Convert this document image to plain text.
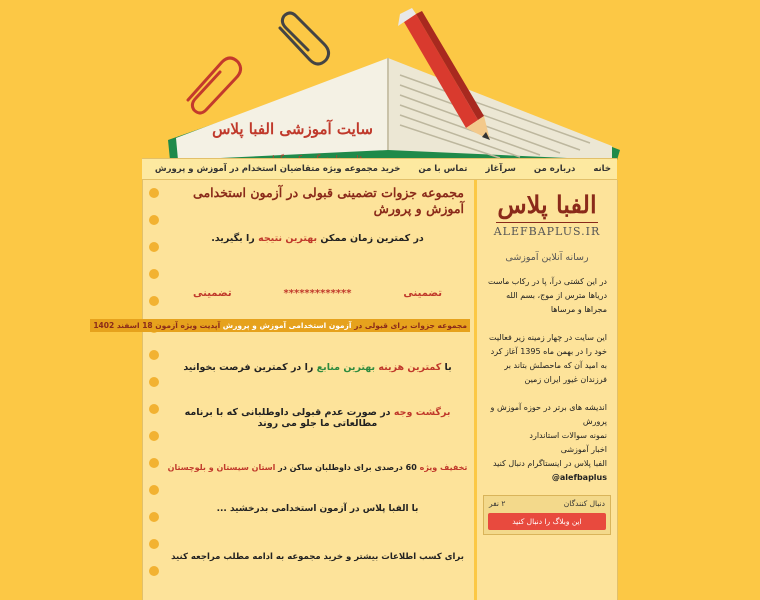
سایت آموزشی الفبا پلاس
خانه
درباره من
سرآغاز
تماس با من
خرید مجموعه ویژه متقاضیان استخدام در آموزش و پرورش
مجموعه جزوات تضمینی قبولی در آزمون استخدامی آموزش و پرورش
در کمترین زمان ممکن بهترین نتیجه را بگیرید.
تضمینی
*************
تضمینی
مجموعه جزوات برای قبولی در آزمون استخدامی آموزش و پرورش آپدیت ویژه آزمون 18 اسفند 1402
با کمترین هزینه بهترین منابع را در کمترین فرصت بخوانید
برگشت وجه در صورت عدم قبولی داوطلبانی که با برنامه مطالعاتی ما جلو می روند
تخفیف ویژه 60 درصدی برای داوطلبان ساکن در استان سیستان و بلوچستان
با الفبا پلاس در آزمون استخدامی بدرخشید ...
برای کسب اطلاعات بیشتر و خرید مجموعه به ادامه مطلب مراجعه کنید
الفبا پلاس
ALEFBAPLUS.IR
رسانه آنلاین آموزشی
در این کشتی درآ، پا در رکاب ماست دریاها مترس از موج، بسم الله مجراها و مرساها
این سایت در چهار زمینه زیر فعالیت خود را در بهمن ماه 1395 آغاز کرد به امید آن که ماحصلش بتاند بر فرزندان غیور ایران زمین
اندیشه های برتر در حوزه آموزش و پرورش
نمونه سوالات استاندارد
اخبار آموزشی
الفبا پلاس در اینستاگرام دنبال کنید
@alefbaplus
دنبال کنندگان
۲ نفر
این وبلاگ را دنبال کنید
